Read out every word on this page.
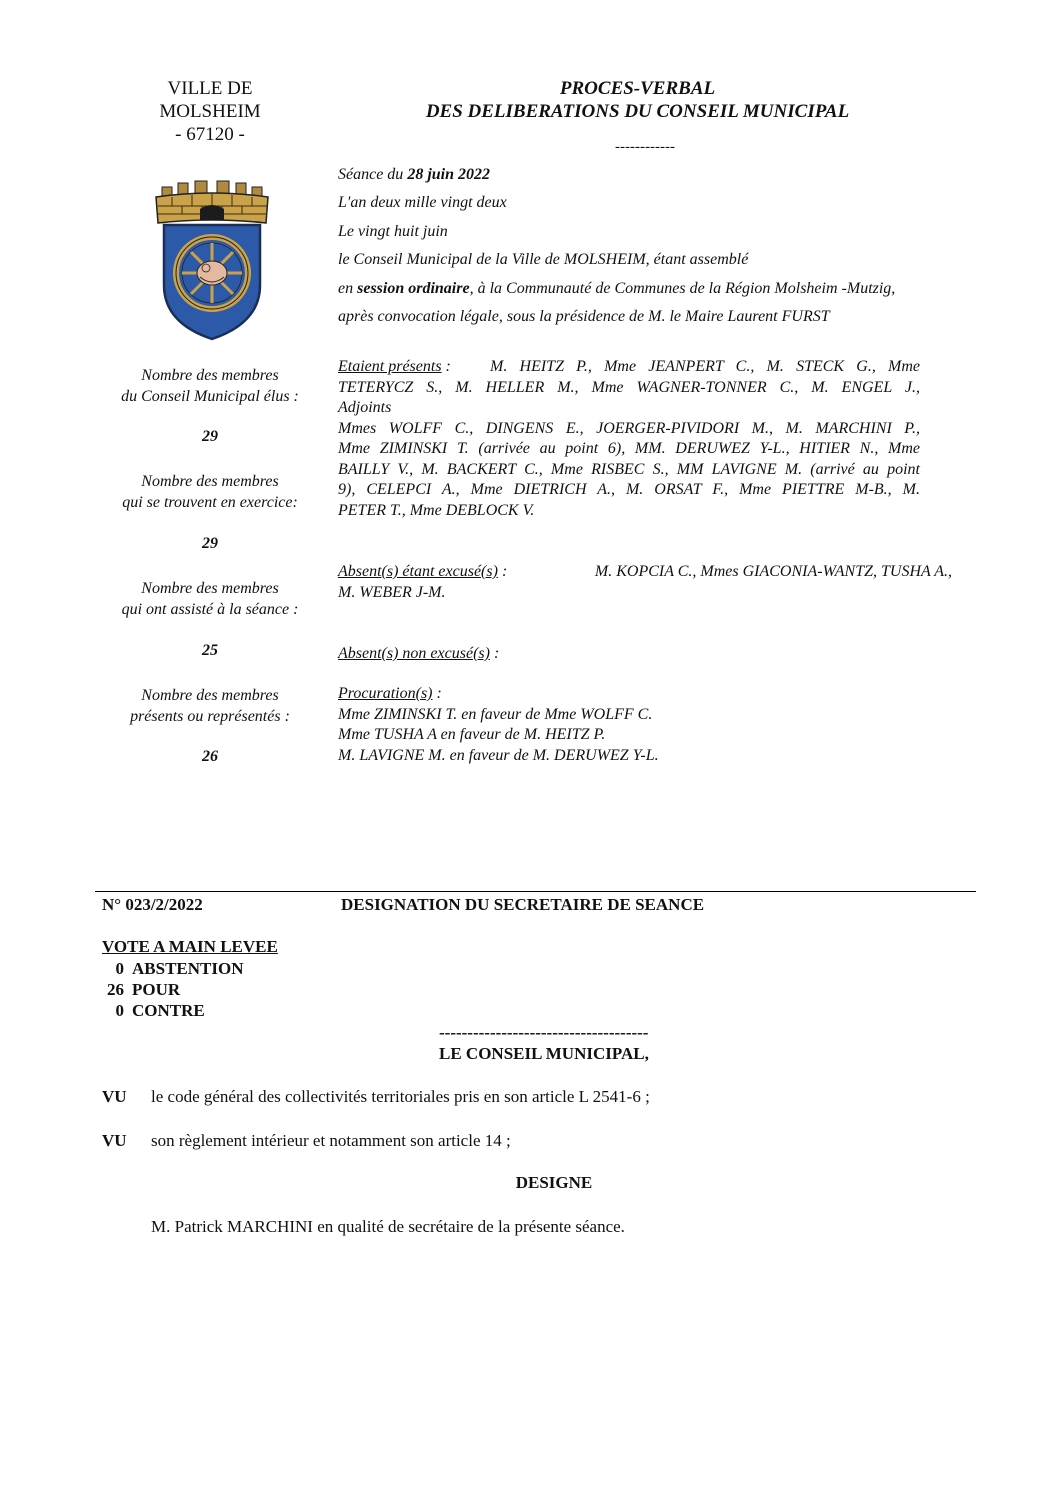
VILLE DE
MOLSHEIM
- 67120 -
PROCES-VERBAL
DES DELIBERATIONS DU CONSEIL MUNICIPAL
------------
Séance du 28 juin 2022
L'an deux mille vingt deux
Le vingt huit juin
le Conseil Municipal de la Ville de MOLSHEIM, étant assemblé
en session ordinaire, à la Communauté de Communes de la Région Molsheim -Mutzig,
après convocation légale, sous la présidence de M. le Maire Laurent FURST
Nombre des membres
du Conseil Municipal élus :
29
Nombre des membres
qui se trouvent en exercice:
29
Nombre des membres
qui ont assisté à la séance :
25
Nombre des membres
présents ou représentés :
26
Etaient présents : M. HEITZ P., Mme JEANPERT C., M. STECK G., Mme
TETERYCZ S., M. HELLER M., Mme WAGNER-TONNER C., M. ENGEL J.,
Adjoints
Mmes WOLFF C., DINGENS E., JOERGER-PIVIDORI M., M. MARCHINI P.,
Mme ZIMINSKI T. (arrivée au point 6), MM. DERUWEZ Y-L., HITIER N., Mme
BAILLY V., M. BACKERT C., Mme RISBEC S., MM LAVIGNE M. (arrivé au point
9), CELEPCI A., Mme DIETRICH A., M. ORSAT F., Mme PIETTRE M-B., M.
PETER T., Mme DEBLOCK V.
Absent(s) étant excusé(s) :	M. KOPCIA C., Mmes GIACONIA-WANTZ, TUSHA A.,
M. WEBER J-M.
Absent(s) non excusé(s) :
Procuration(s) :
Mme ZIMINSKI T. en faveur de Mme WOLFF C.
Mme TUSHA A en faveur de M. HEITZ P.
M. LAVIGNE M. en faveur de M. DERUWEZ Y-L.
N° 023/2/2022	DESIGNATION DU SECRETAIRE DE SEANCE
VOTE A MAIN LEVEE
0 ABSTENTION
26 POUR
0 CONTRE
-------------------------------------
LE CONSEIL MUNICIPAL,
VU le code général des collectivités territoriales pris en son article L 2541-6 ;
VU son règlement intérieur et notamment son article 14 ;
DESIGNE
M. Patrick MARCHINI en qualité de secrétaire de la présente séance.
